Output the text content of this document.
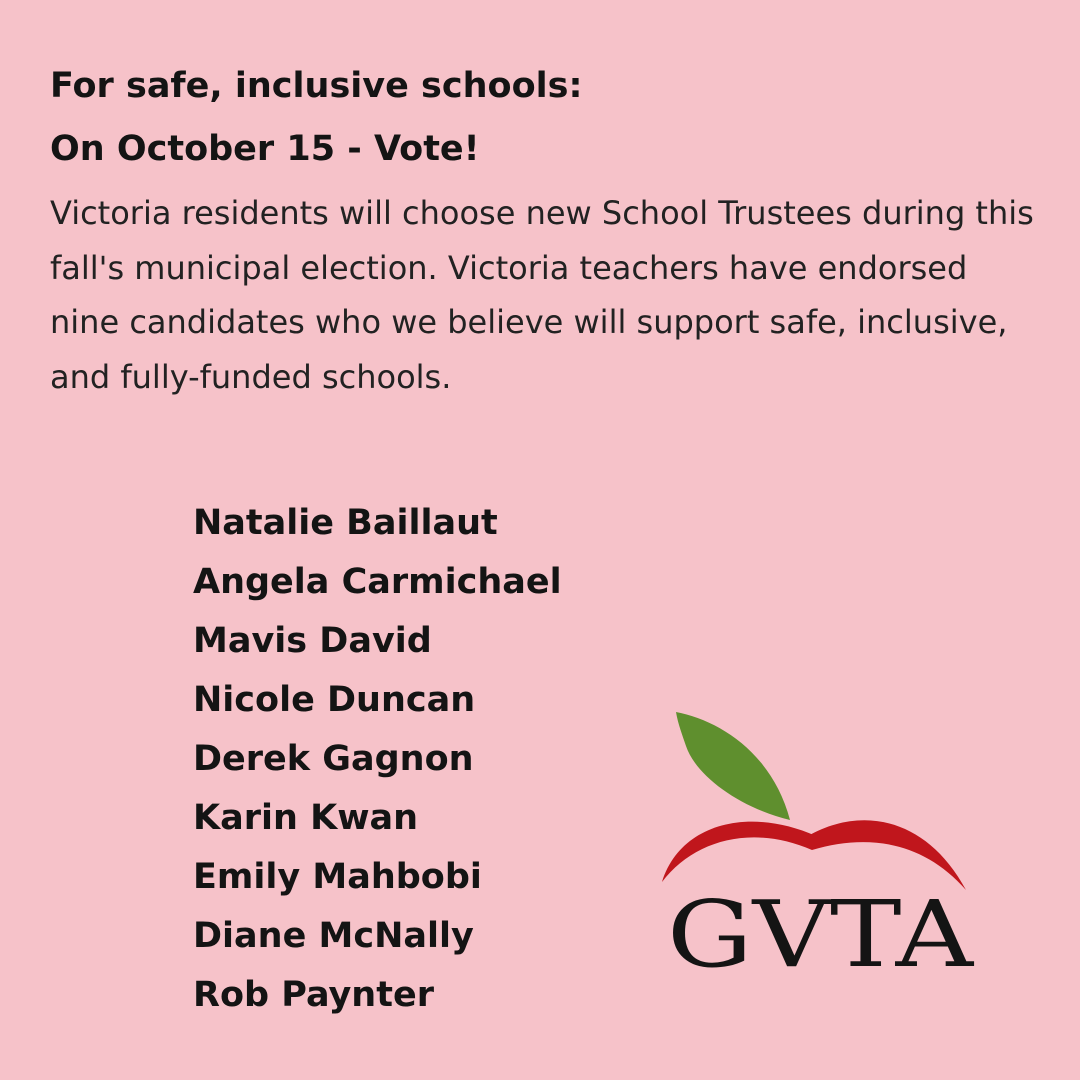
For safe, inclusive schools:
On October 15 - Vote!

Victoria residents will choose new School Trustees during this fall's municipal election. Victoria teachers have endorsed nine candidates who we believe will support safe, inclusive, and fully-funded schools.

Natalie Baillaut
Angela Carmichael
Mavis David
Nicole Duncan
Derek Gagnon
Karin Kwan
Emily Mahbobi
Diane McNally
Rob Paynter
GVTA
